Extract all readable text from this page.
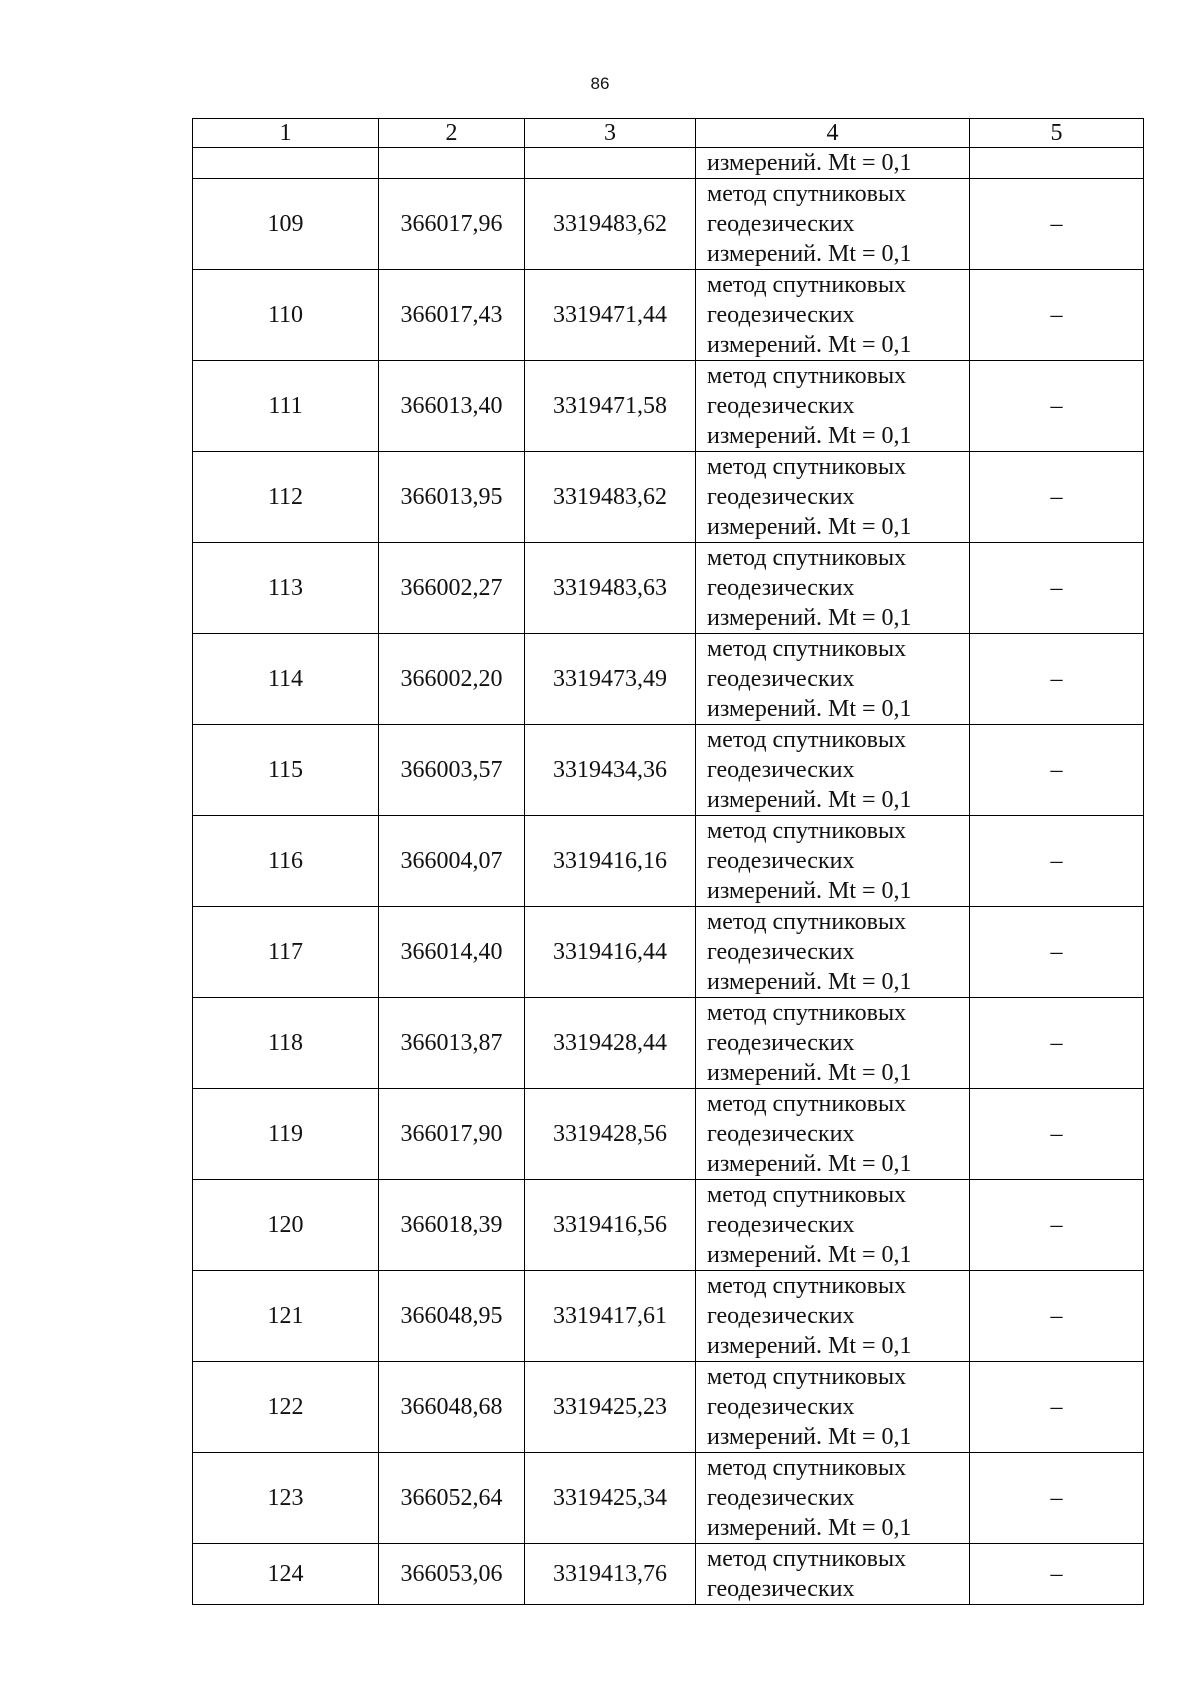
86
1	2	3	4	5
			измерений. Mt = 0,1	
109	366017,96	3319483,62	метод спутниковых
геодезических
измерений. Mt = 0,1	–
110	366017,43	3319471,44	метод спутниковых
геодезических
измерений. Mt = 0,1	–
111	366013,40	3319471,58	метод спутниковых
геодезических
измерений. Mt = 0,1	–
112	366013,95	3319483,62	метод спутниковых
геодезических
измерений. Mt = 0,1	–
113	366002,27	3319483,63	метод спутниковых
геодезических
измерений. Mt = 0,1	–
114	366002,20	3319473,49	метод спутниковых
геодезических
измерений. Mt = 0,1	–
115	366003,57	3319434,36	метод спутниковых
геодезических
измерений. Mt = 0,1	–
116	366004,07	3319416,16	метод спутниковых
геодезических
измерений. Mt = 0,1	–
117	366014,40	3319416,44	метод спутниковых
геодезических
измерений. Mt = 0,1	–
118	366013,87	3319428,44	метод спутниковых
геодезических
измерений. Mt = 0,1	–
119	366017,90	3319428,56	метод спутниковых
геодезических
измерений. Mt = 0,1	–
120	366018,39	3319416,56	метод спутниковых
геодезических
измерений. Mt = 0,1	–
121	366048,95	3319417,61	метод спутниковых
геодезических
измерений. Mt = 0,1	–
122	366048,68	3319425,23	метод спутниковых
геодезических
измерений. Mt = 0,1	–
123	366052,64	3319425,34	метод спутниковых
геодезических
измерений. Mt = 0,1	–
124	366053,06	3319413,76	метод спутниковых
геодезических	–
